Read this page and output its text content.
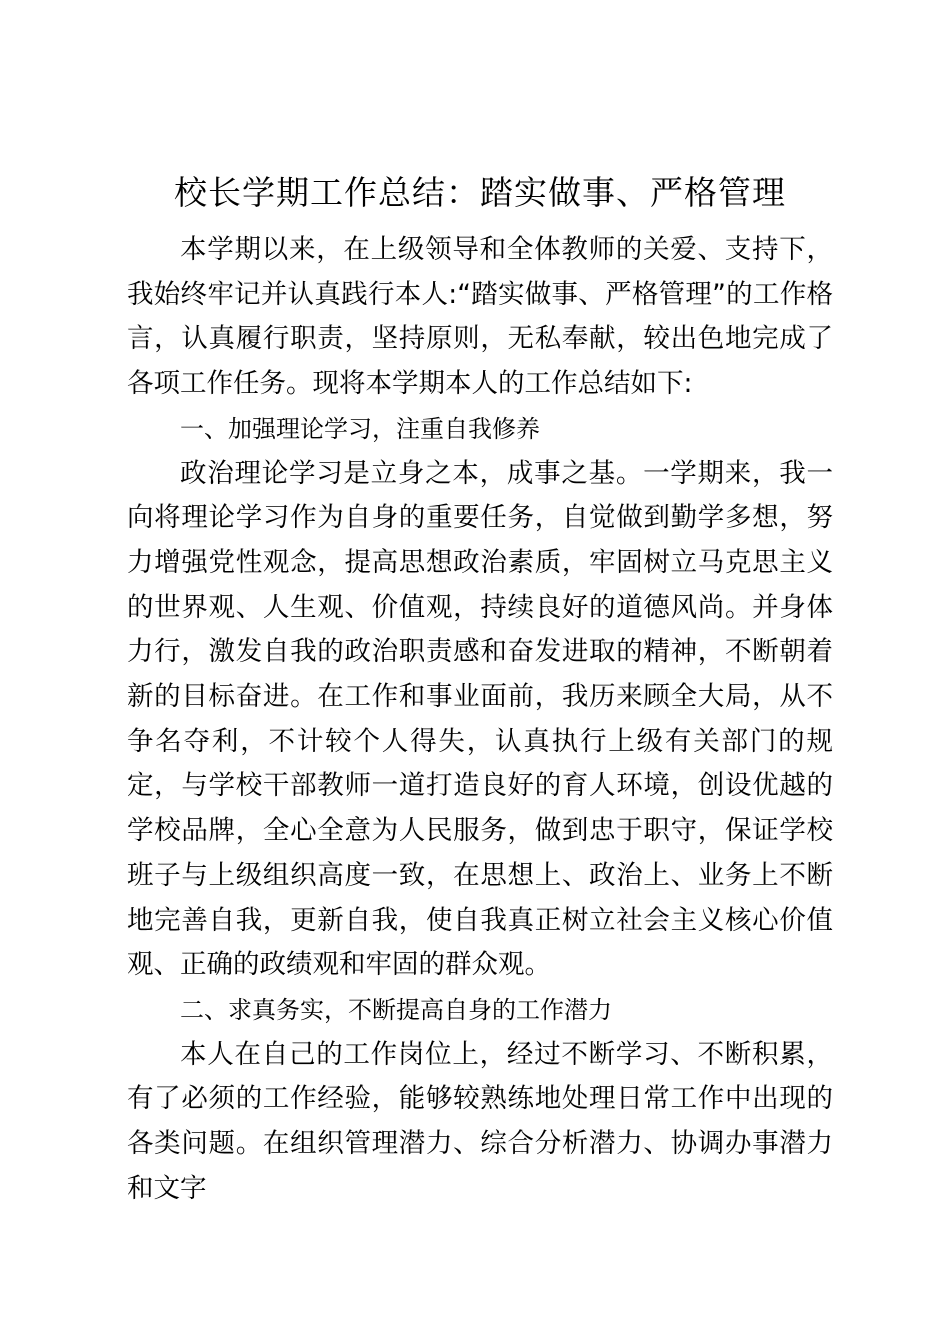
校长学期工作总结：踏实做事、严格管理

本学期以来，在上级领导和全体教师的关爱、支持下，我始终牢记并认真践行本人:“踏实做事、严格管理”的工作格言，认真履行职责，坚持原则，无私奉献，较出色地完成了各项工作任务。现将本学期本人的工作总结如下:

一、加强理论学习，注重自我修养

政治理论学习是立身之本，成事之基。一学期来，我一向将理论学习作为自身的重要任务，自觉做到勤学多想，努力增强党性观念，提高思想政治素质，牢固树立马克思主义的世界观、人生观、价值观，持续良好的道德风尚。并身体力行，激发自我的政治职责感和奋发进取的精神，不断朝着新的目标奋进。在工作和事业面前，我历来顾全大局，从不争名夺利，不计较个人得失，认真执行上级有关部门的规定，与学校干部教师一道打造良好的育人环境，创设优越的学校品牌，全心全意为人民服务，做到忠于职守，保证学校班子与上级组织高度一致，在思想上、政治上、业务上不断地完善自我，更新自我，使自我真正树立社会主义核心价值观、正确的政绩观和牢固的群众观。

二、求真务实，不断提高自身的工作潜力

本人在自己的工作岗位上，经过不断学习、不断积累，有了必须的工作经验，能够较熟练地处理日常工作中出现的各类问题。在组织管理潜力、综合分析潜力、协调办事潜力和文字
